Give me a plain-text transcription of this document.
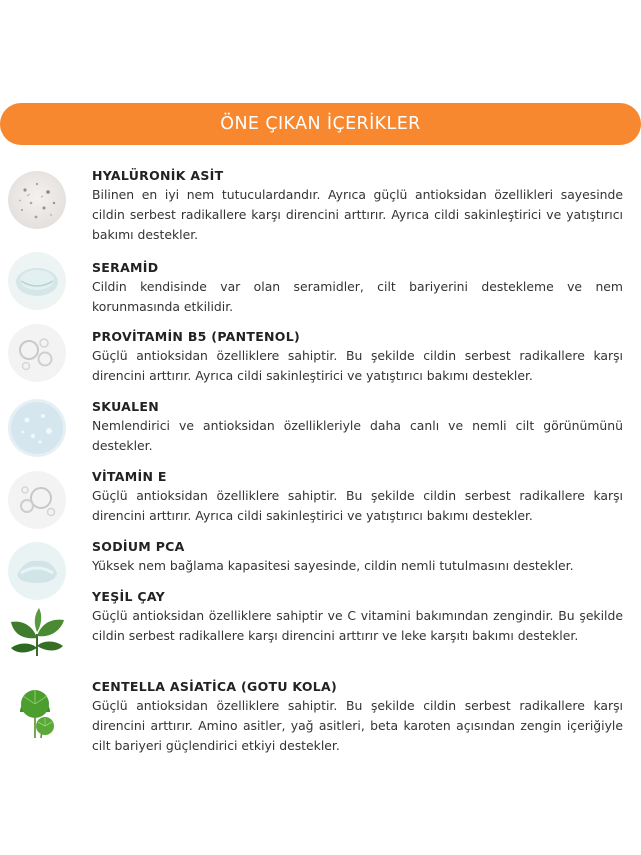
ÖNE ÇIKAN İÇERİKLER
HYALÜRONİK ASİT
Bilinen en iyi nem tutuculardandır. Ayrıca güçlü antioksidan özellikleri sayesinde cildin serbest radikallere karşı direncini arttırır. Ayrıca cildi sakinleştirici ve yatıştırıcı bakımı destekler.
SERAMİD
Cildin kendisinde var olan seramidler, cilt bariyerini destekleme ve nem korunmasında etkilidir.
PROVİTAMİN B5 (PANTENOL)
Güçlü antioksidan özelliklere sahiptir. Bu şekilde cildin serbest radikallere karşı direncini arttırır. Ayrıca cildi sakinleştirici ve yatıştırıcı bakımı destekler.
SKUALEN
Nemlendirici ve antioksidan özellikleriyle daha canlı ve nemli cilt görünümünü destekler.
VİTAMİN E
Güçlü antioksidan özelliklere sahiptir. Bu şekilde cildin serbest radikallere karşı direncini arttırır. Ayrıca cildi sakinleştirici ve yatıştırıcı bakımı destekler.
SODİUM PCA
Yüksek nem bağlama kapasitesi sayesinde, cildin nemli tutulmasını destekler.
YEŞİL ÇAY
Güçlü antioksidan özelliklere sahiptir ve C vitamini bakımından zengindir. Bu şekilde cildin serbest radikallere karşı direncini arttırır ve leke karşıtı bakımı destekler.
CENTELLA ASİATİCA (GOTU KOLA)
Güçlü antioksidan özelliklere sahiptir. Bu şekilde cildin serbest radikallere karşı direncini arttırır. Amino asitler, yağ asitleri, beta karoten açısından zengin içeriğiyle cilt bariyeri güçlendirici etkiyi destekler.
